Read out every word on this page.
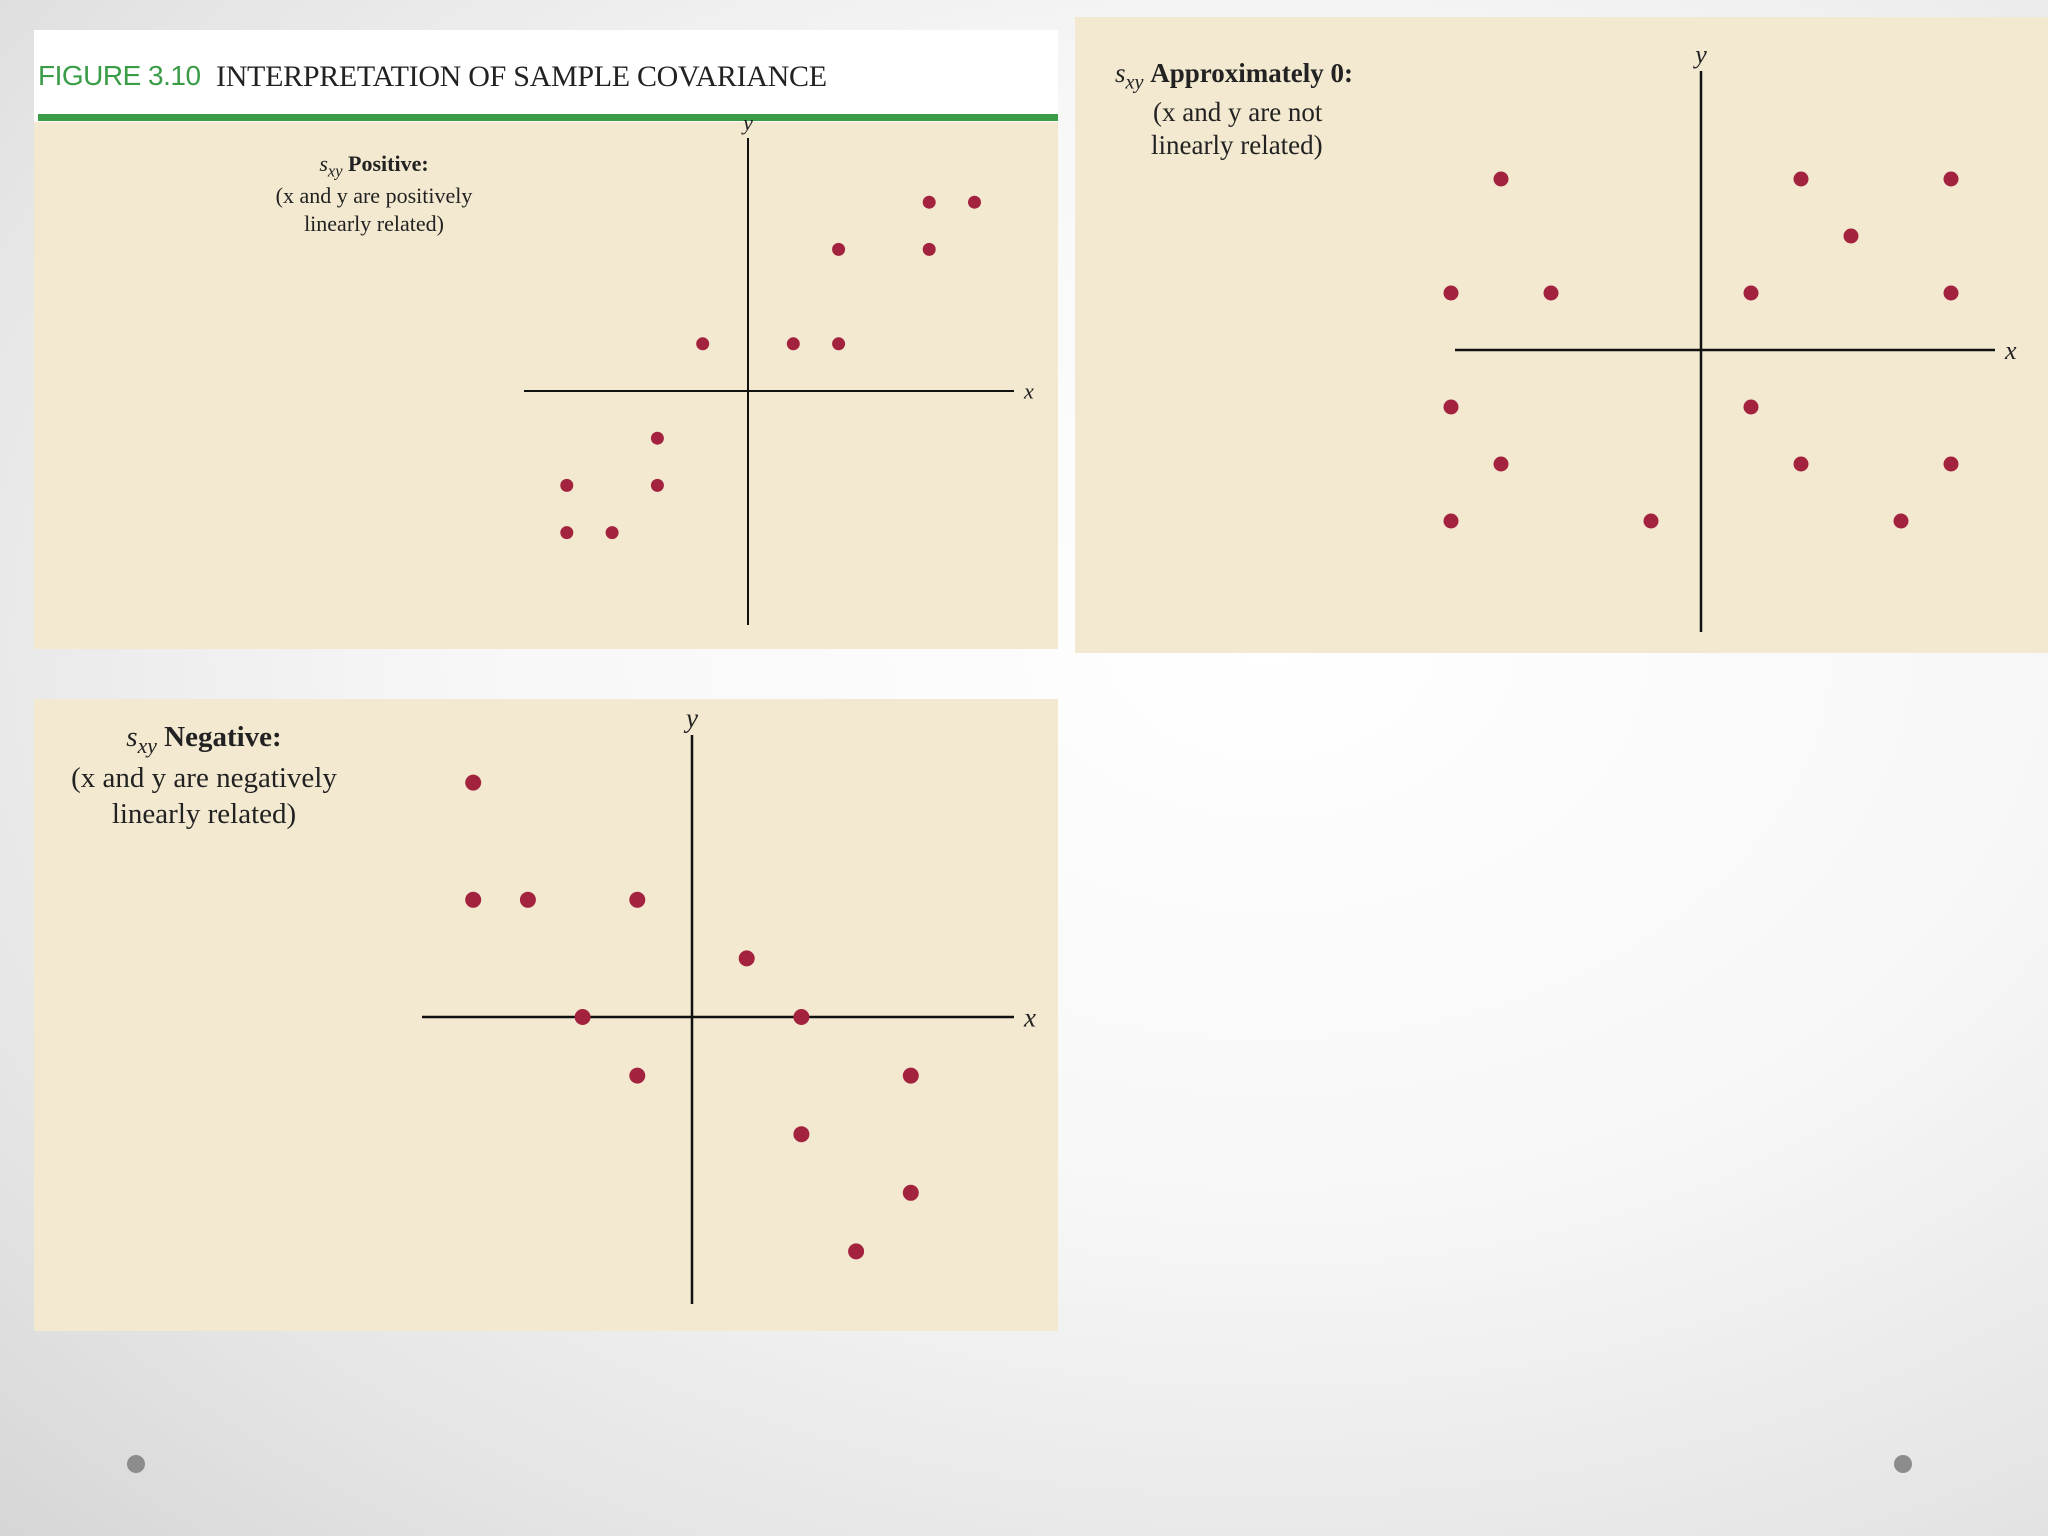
FIGURE 3.10 INTERPRETATION OF SAMPLE COVARIANCE
$s_{xy}$ Positive:
(x and y are positively
linearly related)
x
y
$s_{xy}$ Approximately 0:
(x and y are not
linearly related)
x
y
$s_{xy}$ Negative:
(x and y are negatively
linearly related)
x
y
